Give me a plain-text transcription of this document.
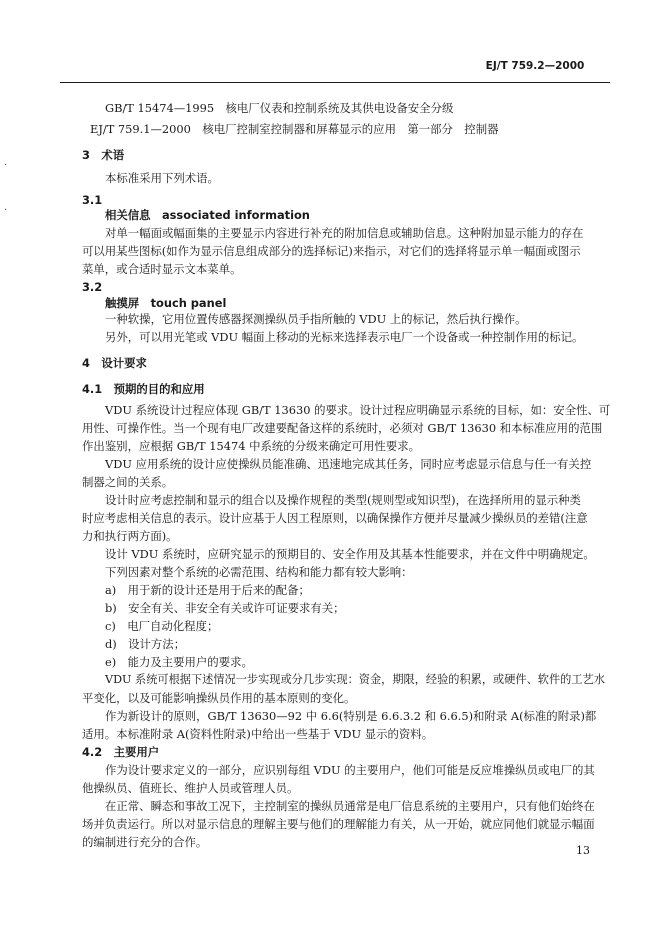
EJ/T 759.2—2000
·
·
GB/T 15474—1995　核电厂仪表和控制系统及其供电设备安全分级
EJ/T 759.1—2000　核电厂控制室控制器和屏幕显示的应用　第一部分　控制器
3　术语
本标准采用下列术语。
3.1
相关信息　associated information
对单一幅面或幅面集的主要显示内容进行补充的附加信息或辅助信息。这种附加显示能力的存在
可以用某些图标(如作为显示信息组成部分的选择标记)来指示，对它们的选择将显示单一幅面或图示
菜单，或合适时显示文本菜单。
3.2
触摸屏　touch panel
一种软操，它用位置传感器探测操纵员手指所触的 VDU 上的标记，然后执行操作。
另外，可以用光笔或 VDU 幅面上移动的光标来选择表示电厂一个设备或一种控制作用的标记。
4　设计要求
4.1　预期的目的和应用
VDU 系统设计过程应体现 GB/T 13630 的要求。设计过程应明确显示系统的目标，如：安全性、可
用性、可操作性。当一个现有电厂改建要配备这样的系统时，必须对 GB/T 13630 和本标准应用的范围
作出鉴别，应根据 GB/T 15474 中系统的分级来确定可用性要求。
VDU 应用系统的设计应使操纵员能准确、迅速地完成其任务，同时应考虑显示信息与任一有关控
制器之间的关系。
设计时应考虑控制和显示的组合以及操作规程的类型(规则型或知识型)，在选择所用的显示种类
时应考虑相关信息的表示。设计应基于人因工程原则，以确保操作方便并尽量减少操纵员的差错(注意
力和执行两方面)。
设计 VDU 系统时，应研究显示的预期目的、安全作用及其基本性能要求，并在文件中明确规定。
下列因素对整个系统的必需范围、结构和能力都有较大影响：
a)　用于新的设计还是用于后来的配备；
b)　安全有关、非安全有关或许可证要求有关；
c)　电厂自动化程度；
d)　设计方法；
e)　能力及主要用户的要求。
VDU 系统可根据下述情况一步实现或分几步实现：资金，期限，经验的积累，或硬件、软件的工艺水
平变化，以及可能影响操纵员作用的基本原则的变化。
作为新设计的原则，GB/T 13630—92 中 6.6(特别是 6.6.3.2 和 6.6.5)和附录 A(标准的附录)都
适用。本标准附录 A(资料性附录)中给出一些基于 VDU 显示的资料。
4.2　主要用户
作为设计要求定义的一部分，应识别每组 VDU 的主要用户，他们可能是反应堆操纵员或电厂的其
他操纵员、值班长、维护人员或管理人员。
在正常、瞬态和事故工况下，主控制室的操纵员通常是电厂信息系统的主要用户，只有他们始终在
场并负责运行。所以对显示信息的理解主要与他们的理解能力有关，从一开始，就应同他们就显示幅面
的编制进行充分的合作。
13
